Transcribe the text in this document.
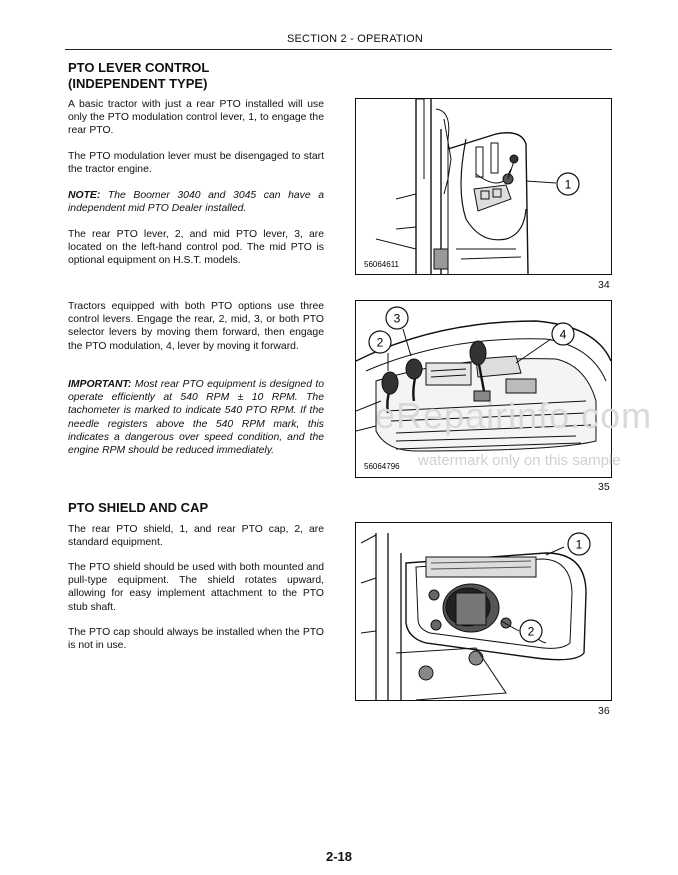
SECTION 2 - OPERATION
PTO LEVER CONTROL
(INDEPENDENT TYPE)

A basic tractor with just a rear PTO installed will use only the PTO modulation control lever, 1, to engage the rear PTO.

The PTO modulation lever must be disengaged to start the tractor engine.

NOTE: The Boomer 3040 and 3045 can have a independent mid PTO Dealer installed.

The rear PTO lever, 2, and mid PTO lever, 3, are located on the left-hand control pod. The mid PTO is optional equipment on H.S.T. models.

Tractors equipped with both PTO options use three control levers. Engage the rear, 2, mid, 3, or both PTO selector levers by moving them forward, then engage the PTO modulation, 4, lever by moving it forward.

IMPORTANT: Most rear PTO equipment is designed to operate efficiently at 540 RPM ± 10 RPM. The tachometer is marked to indicate 540 PTO RPM. If the needle registers above the 540 RPM mark, this indicates a dangerous over speed condition, and the engine RPM should be reduced immediately.

PTO SHIELD AND CAP

The rear PTO shield, 1, and rear PTO cap, 2, are standard equipment.

The PTO shield should be used with both mounted and pull-type equipment. The shield rotates upward, allowing for easy implement attachment to the PTO stub shaft.

The PTO cap should always be installed when the PTO is not in use.

1
56064611
34
3
2
4
56064796
35
1
2
36
eRepairinfo.com
watermark only on this sample
2-18
